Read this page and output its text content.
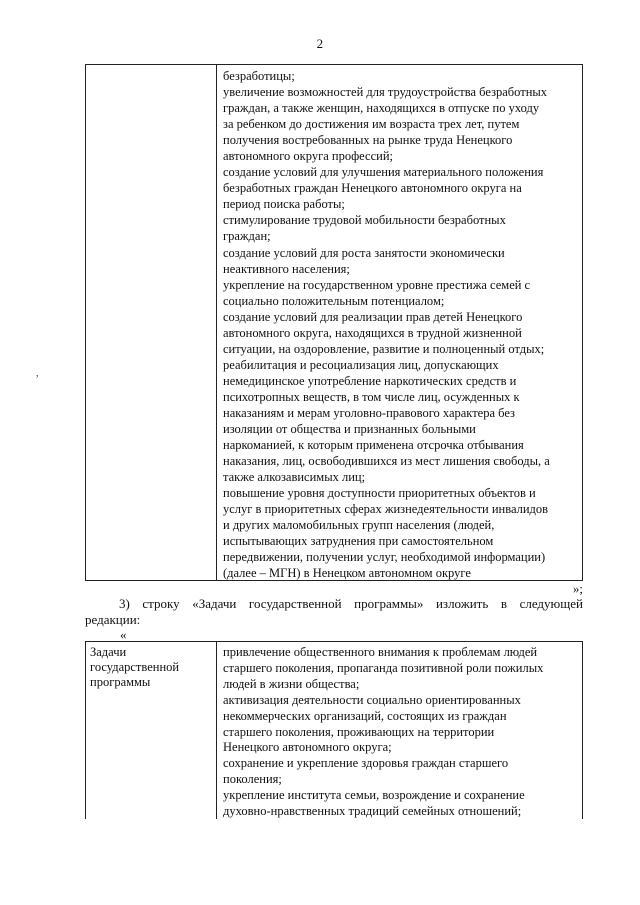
2
,
безработицы;
увеличение возможностей для трудоустройства безработных
граждан, а также женщин, находящихся в отпуске по уходу
за ребенком до достижения им возраста трех лет, путем
получения востребованных на рынке труда Ненецкого
автономного округа профессий;
создание условий для улучшения материального положения
безработных граждан Ненецкого автономного округа на
период поиска работы;
стимулирование трудовой мобильности безработных
граждан;
создание условий для роста занятости экономически
неактивного населения;
укрепление на государственном уровне престижа семей с
социально положительным потенциалом;
создание условий для реализации прав детей Ненецкого
автономного округа, находящихся в трудной жизненной
ситуации, на оздоровление, развитие и полноценный отдых;
реабилитация и ресоциализация лиц, допускающих
немедицинское употребление наркотических средств и
психотропных веществ, в том числе лиц, осужденных к
наказаниям и мерам уголовно-правового характера без
изоляции от общества и признанных больными
наркоманией, к которым применена отсрочка отбывания
наказания, лиц, освободившихся из мест лишения свободы, а
также алкозависимых лиц;
повышение уровня доступности приоритетных объектов и
услуг в приоритетных сферах жизнедеятельности инвалидов
и других маломобильных групп населения (людей,
испытывающих затруднения при самостоятельном
передвижении, получении услуг, необходимой информации)
(далее – МГН) в Ненецком автономном округе
»;
3) строку «Задачи государственной программы» изложить в следующей
редакции:
«
Задачи
государственной
программы
привлечение общественного внимания к проблемам людей
старшего поколения, пропаганда позитивной роли пожилых
людей в жизни общества;
активизация деятельности социально ориентированных
некоммерческих организаций, состоящих из граждан
старшего поколения, проживающих на территории
Ненецкого автономного округа;
сохранение и укрепление здоровья граждан старшего
поколения;
укрепление института семьи, возрождение и сохранение
духовно-нравственных традиций семейных отношений;
